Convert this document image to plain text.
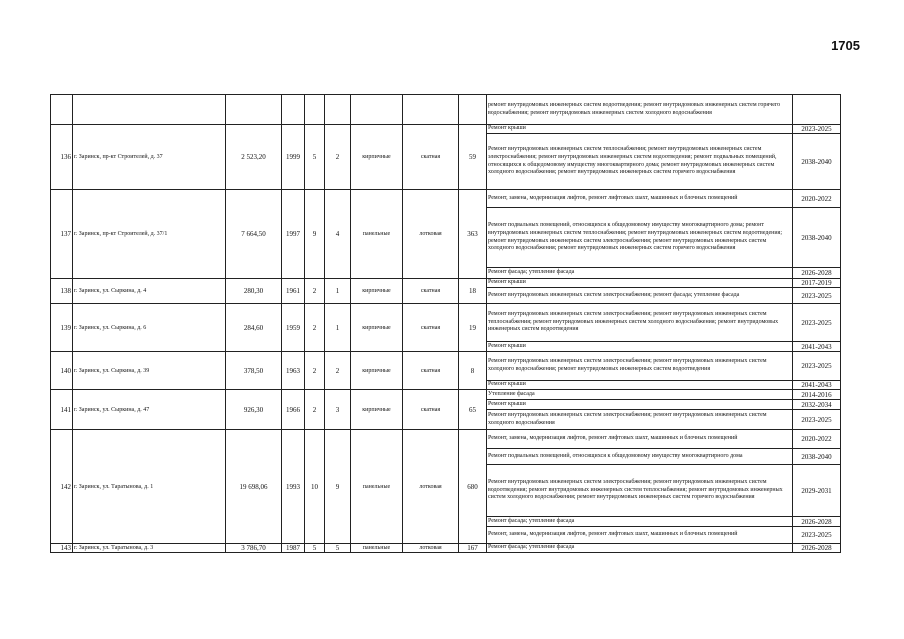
1705
									ремонт внутридомовых инженерных систем водоотведения; ремонт внутридомовых инженерных систем горячего водоснабжения; ремонт внутридомовых инженерных систем холодного водоснабжения	
136	г. Заринск, пр-кт Строителей, д. 37	2 523,20	1999	5	2	кирпичные	скатная	59	Ремонт крыши	2023-2025
									Ремонт внутридомовых инженерных систем теплоснабжения; ремонт внутридомовых инженерных систем электроснабжения; ремонт внутридомовых инженерных систем водоотведения; ремонт подвальных помещений, относящихся к общедомовому имуществу многоквартирного дома; ремонт внутридомовых инженерных систем холодного водоснабжения; ремонт внутридомовых инженерных систем горячего водоснабжения	2038-2040
137	г. Заринск, пр-кт Строителей, д. 37/1	7 664,50	1997	9	4	панельные	лотковая	363	Ремонт, замена, модернизация лифтов, ремонт лифтовых шахт, машинных и блочных помещений	2020-2022
									Ремонт подвальных помещений, относящихся к общедомовому имуществу многоквартирного дома; ремонт внутридомовых инженерных систем теплоснабжения; ремонт внутридомовых инженерных систем водоотведения; ремонт внутридомовых инженерных систем электроснабжения; ремонт внутридомовых инженерных систем холодного водоснабжения; ремонт внутридомовых инженерных систем горячего водоснабжения	2038-2040
									Ремонт фасада; утепление фасада	2026-2028
138	г. Заринск, ул. Сыркина, д. 4	280,30	1961	2	1	кирпичные	скатная	18	Ремонт крыши	2017-2019
									Ремонт внутридомовых инженерных систем электроснабжения; ремонт фасада; утепление фасада	2023-2025
139	г. Заринск, ул. Сыркина, д. 6	284,60	1959	2	1	кирпичные	скатная	19	Ремонт внутридомовых инженерных систем электроснабжения; ремонт внутридомовых инженерных систем теплоснабжения; ремонт внутридомовых инженерных систем холодного водоснабжения; ремонт внутридомовых инженерных систем водоотведения	2023-2025
									Ремонт крыши	2041-2043
140	г. Заринск, ул. Сыркина, д. 39	378,50	1963	2	2	кирпичные	скатная	8	Ремонт внутридомовых инженерных систем электроснабжения; ремонт внутридомовых инженерных систем холодного водоснабжения; ремонт внутридомовых инженерных систем водоотведения	2023-2025
									Ремонт крыши	2041-2043
141	г. Заринск, ул. Сыркина, д. 47	926,30	1966	2	3	кирпичные	скатная	65	Утепление фасада	2014-2016
									Ремонт крыши	2032-2034
									Ремонт внутридомовых инженерных систем электроснабжения; ремонт внутридомовых инженерных систем холодного водоснабжения	2023-2025
142	г. Заринск, ул. Таратынова, д. 1	19 698,06	1993	10	9	панельные	лотковая	680	Ремонт, замена, модернизация лифтов, ремонт лифтовых шахт, машинных и блочных помещений	2020-2022
									Ремонт подвальных помещений, относящихся к общедомовому имуществу многоквартирного дома	2038-2040
									Ремонт внутридомовых инженерных систем электроснабжения; ремонт внутридомовых инженерных систем водоотведения; ремонт внутридомовых инженерных систем теплоснабжения; ремонт внутридомовых инженерных систем холодного водоснабжения; ремонт внутридомовых инженерных систем горячего водоснабжения	2029-2031
									Ремонт фасада; утепление фасада	2026-2028
									Ремонт, замена, модернизация лифтов, ремонт лифтовых шахт, машинных и блочных помещений	2023-2025
143	г. Заринск, ул. Таратынова, д. 3	3 786,70	1987	5	5	панельные	лотковая	167	Ремонт фасада; утепление фасада	2026-2028
